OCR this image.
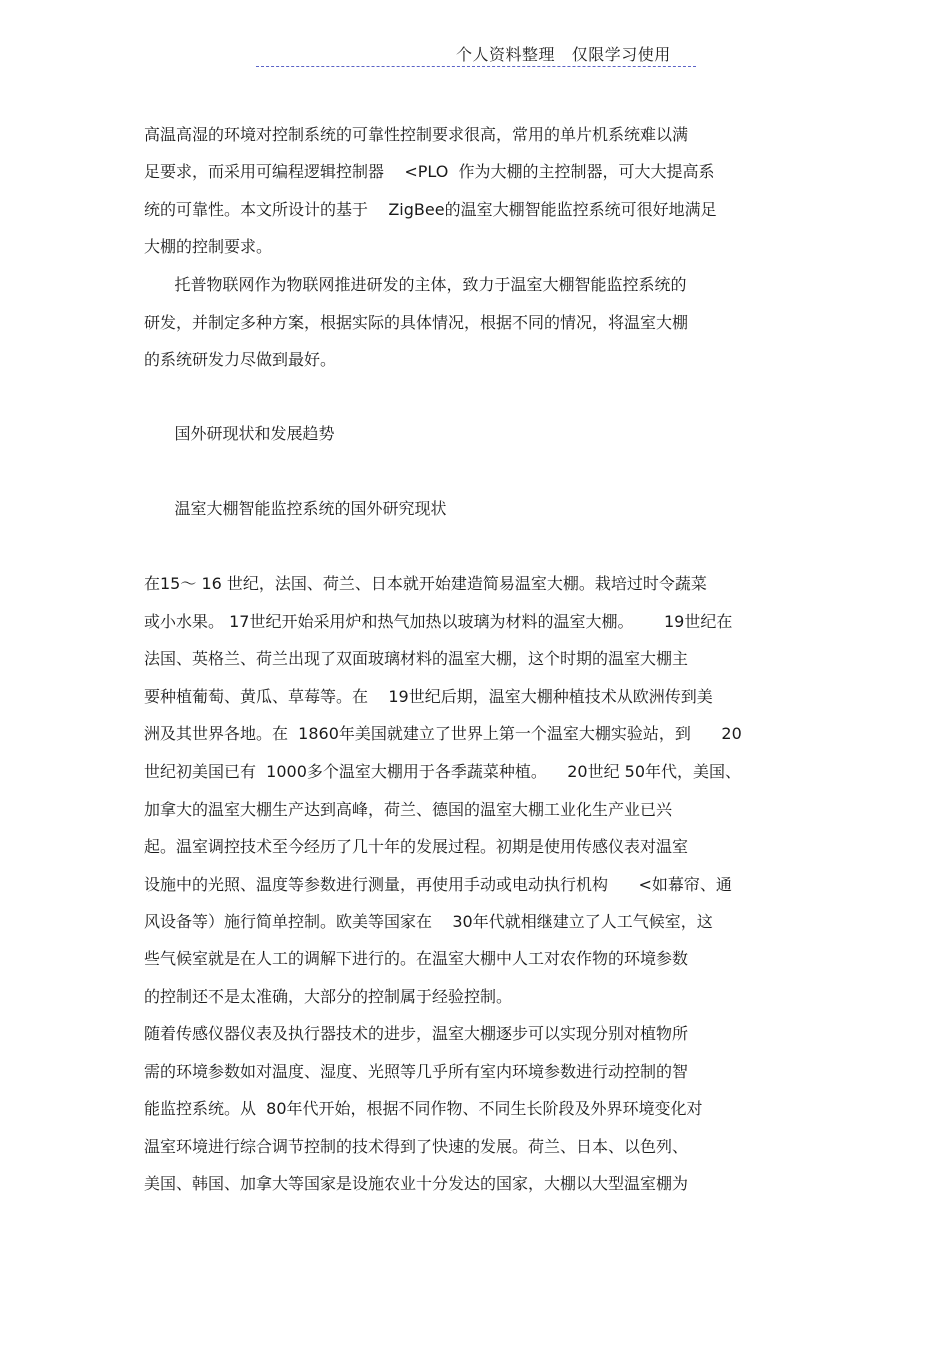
个人资料整理   仅限学习使用
高温高湿的环境对控制系统的可靠性控制要求很高，常用的单片机系统难以满
足要求，而采用可编程逻辑控制器    <PLO  作为大棚的主控制器，可大大提高系
统的可靠性。本文所设计的基于    ZigBee的温室大棚智能监控系统可很好地满足
大棚的控制要求。
托普物联网作为物联网推进研发的主体，致力于温室大棚智能监控系统的
研发，并制定多种方案，根据实际的具体情况，根据不同的情况，将温室大棚
的系统研发力尽做到最好。
国外研现状和发展趋势
温室大棚智能监控系统的国外研究现状
在15～ 16 世纪，法国、荷兰、日本就开始建造简易温室大棚。栽培过时令蔬菜
或小水果。 17世纪开始采用炉和热气加热以玻璃为材料的温室大棚。      19世纪在
法国、英格兰、荷兰出现了双面玻璃材料的温室大棚，这个时期的温室大棚主
要种植葡萄、黄瓜、草莓等。在    19世纪后期，温室大棚种植技术从欧洲传到美
洲及其世界各地。在  1860年美国就建立了世界上第一个温室大棚实验站，到      20
世纪初美国已有  1000多个温室大棚用于各季蔬菜种植。    20世纪 50年代，美国、
加拿大的温室大棚生产达到高峰，荷兰、德国的温室大棚工业化生产业已兴
起。温室调控技术至今经历了几十年的发展过程。初期是使用传感仪表对温室
设施中的光照、温度等参数进行测量，再使用手动或电动执行机构      <如幕帘、通
风设备等）施行简单控制。欧美等国家在    30年代就相继建立了人工气候室，这
些气候室就是在人工的调解下进行的。在温室大棚中人工对农作物的环境参数
的控制还不是太准确，大部分的控制属于经验控制。
随着传感仪器仪表及执行器技术的进步，温室大棚逐步可以实现分别对植物所
需的环境参数如对温度、湿度、光照等几乎所有室内环境参数进行动控制的智
能监控系统。从  80年代开始，根据不同作物、不同生长阶段及外界环境变化对
温室环境进行综合调节控制的技术得到了快速的发展。荷兰、日本、以色列、
美国、韩国、加拿大等国家是设施农业十分发达的国家，大棚以大型温室棚为
